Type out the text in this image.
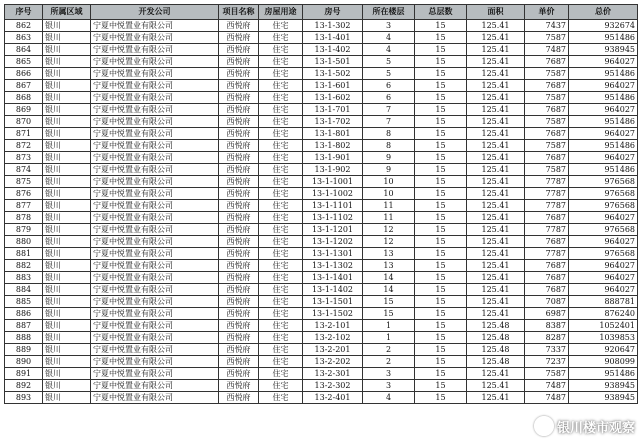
序号	所属区域	开发公司	项目名称	房屋用途	房号	所在楼层	总层数	面积	单价	总价
862	银川	宁夏中悦置业有限公司	西悦府	住宅	13-1-302	3	15	125.41	7437	932674
863	银川	宁夏中悦置业有限公司	西悦府	住宅	13-1-401	4	15	125.41	7587	951486
864	银川	宁夏中悦置业有限公司	西悦府	住宅	13-1-402	4	15	125.41	7487	938945
865	银川	宁夏中悦置业有限公司	西悦府	住宅	13-1-501	5	15	125.41	7687	964027
866	银川	宁夏中悦置业有限公司	西悦府	住宅	13-1-502	5	15	125.41	7587	951486
867	银川	宁夏中悦置业有限公司	西悦府	住宅	13-1-601	6	15	125.41	7687	964027
868	银川	宁夏中悦置业有限公司	西悦府	住宅	13-1-602	6	15	125.41	7587	951486
869	银川	宁夏中悦置业有限公司	西悦府	住宅	13-1-701	7	15	125.41	7687	964027
870	银川	宁夏中悦置业有限公司	西悦府	住宅	13-1-702	7	15	125.41	7587	951486
871	银川	宁夏中悦置业有限公司	西悦府	住宅	13-1-801	8	15	125.41	7687	964027
872	银川	宁夏中悦置业有限公司	西悦府	住宅	13-1-802	8	15	125.41	7587	951486
873	银川	宁夏中悦置业有限公司	西悦府	住宅	13-1-901	9	15	125.41	7687	964027
874	银川	宁夏中悦置业有限公司	西悦府	住宅	13-1-902	9	15	125.41	7587	951486
875	银川	宁夏中悦置业有限公司	西悦府	住宅	13-1-1001	10	15	125.41	7787	976568
876	银川	宁夏中悦置业有限公司	西悦府	住宅	13-1-1002	10	15	125.41	7787	976568
877	银川	宁夏中悦置业有限公司	西悦府	住宅	13-1-1101	11	15	125.41	7787	976568
878	银川	宁夏中悦置业有限公司	西悦府	住宅	13-1-1102	11	15	125.41	7687	964027
879	银川	宁夏中悦置业有限公司	西悦府	住宅	13-1-1201	12	15	125.41	7787	976568
880	银川	宁夏中悦置业有限公司	西悦府	住宅	13-1-1202	12	15	125.41	7687	964027
881	银川	宁夏中悦置业有限公司	西悦府	住宅	13-1-1301	13	15	125.41	7787	976568
882	银川	宁夏中悦置业有限公司	西悦府	住宅	13-1-1302	13	15	125.41	7687	964027
883	银川	宁夏中悦置业有限公司	西悦府	住宅	13-1-1401	14	15	125.41	7687	964027
884	银川	宁夏中悦置业有限公司	西悦府	住宅	13-1-1402	14	15	125.41	7687	964027
885	银川	宁夏中悦置业有限公司	西悦府	住宅	13-1-1501	15	15	125.41	7087	888781
886	银川	宁夏中悦置业有限公司	西悦府	住宅	13-1-1502	15	15	125.41	6987	876240
887	银川	宁夏中悦置业有限公司	西悦府	住宅	13-2-101	1	15	125.48	8387	1052401
888	银川	宁夏中悦置业有限公司	西悦府	住宅	13-2-102	1	15	125.48	8287	1039853
889	银川	宁夏中悦置业有限公司	西悦府	住宅	13-2-201	2	15	125.48	7337	920647
890	银川	宁夏中悦置业有限公司	西悦府	住宅	13-2-202	2	15	125.48	7237	908099
891	银川	宁夏中悦置业有限公司	西悦府	住宅	13-2-301	3	15	125.41	7587	951486
892	银川	宁夏中悦置业有限公司	西悦府	住宅	13-2-302	3	15	125.41	7487	938945
893	银川	宁夏中悦置业有限公司	西悦府	住宅	13-2-401	4	15	125.41	7487	938945
银川楼市观察
